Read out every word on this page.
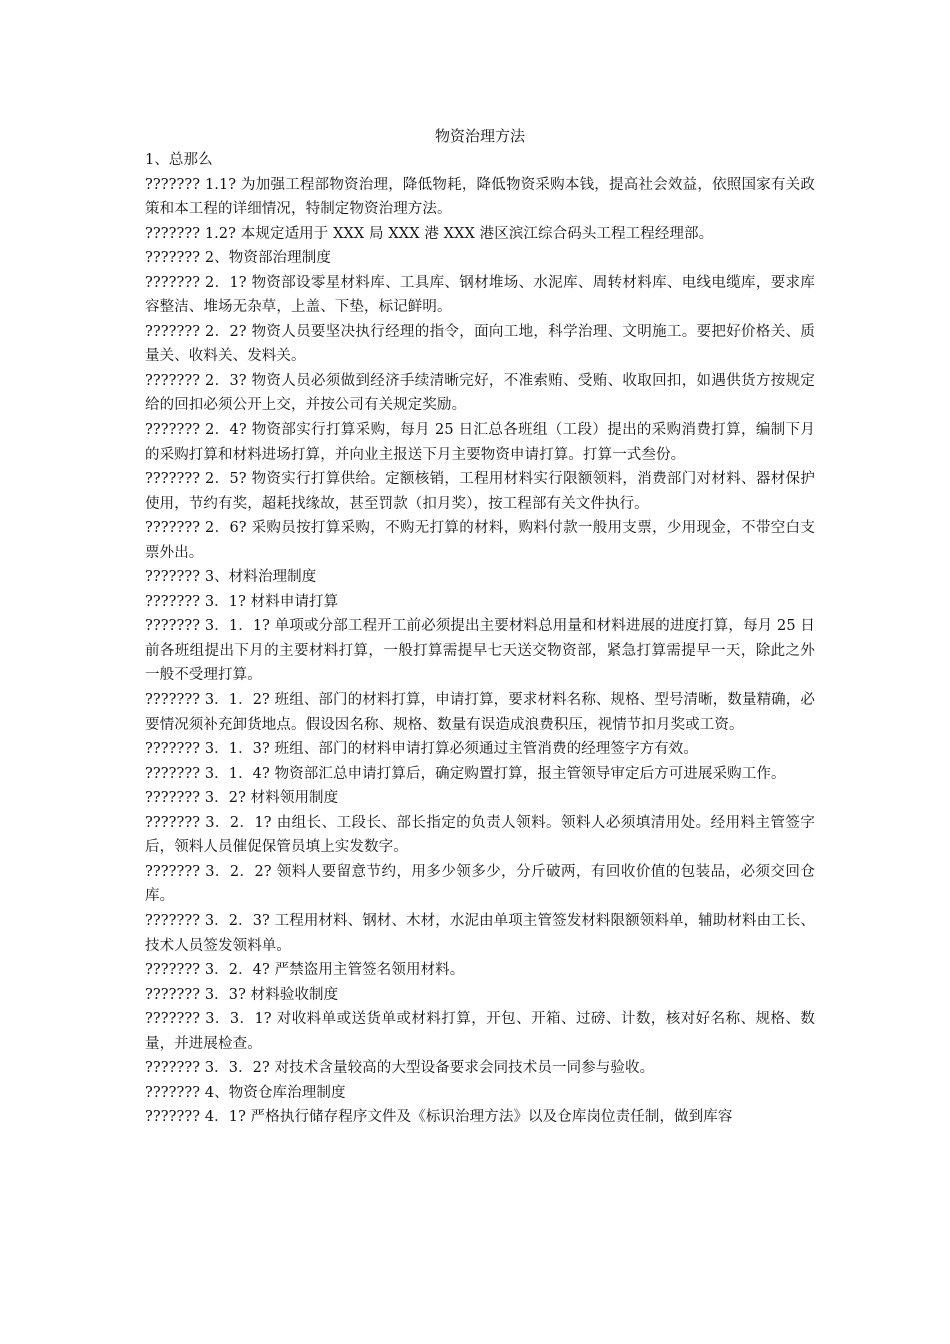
物资治理方法

1、总那么

??????? 1.1? 为加强工程部物资治理，降低物耗，降低物资采购本钱，提高社会效益，依照国家有关政策和本工程的详细情况，特制定物资治理方法。

??????? 1.2? 本规定适用于 XXX 局 XXX 港 XXX 港区滨江综合码头工程工程经理部。

??????? 2、物资部治理制度

??????? 2．1? 物资部设零星材料库、工具库、钢材堆场、水泥库、周转材料库、电线电缆库，要求库容整洁、堆场无杂草，上盖、下垫，标记鲜明。

??????? 2．2? 物资人员要坚决执行经理的指令，面向工地，科学治理、文明施工。要把好价格关、质量关、收料关、发料关。

??????? 2．3? 物资人员必须做到经济手续清晰完好，不准索贿、受贿、收取回扣，如遇供货方按规定给的回扣必须公开上交，并按公司有关规定奖励。

??????? 2．4? 物资部实行打算采购，每月 25 日汇总各班组（工段）提出的采购消费打算，编制下月的采购打算和材料进场打算，并向业主报送下月主要物资申请打算。打算一式叁份。

??????? 2．5? 物资实行打算供给。定额核销，工程用材料实行限额领料，消费部门对材料、器材保护使用，节约有奖，超耗找缘故，甚至罚款（扣月奖），按工程部有关文件执行。

??????? 2．6? 采购员按打算采购，不购无打算的材料，购料付款一般用支票，少用现金，不带空白支票外出。

??????? 3、材料治理制度

??????? 3．1? 材料申请打算

??????? 3．1．1? 单项或分部工程开工前必须提出主要材料总用量和材料进展的进度打算，每月 25 日前各班组提出下月的主要材料打算，一般打算需提早七天送交物资部，紧急打算需提早一天，除此之外一般不受理打算。

??????? 3．1．2? 班组、部门的材料打算，申请打算，要求材料名称、规格、型号清晰，数量精确，必要情况须补充卸货地点。假设因名称、规格、数量有误造成浪费积压，视情节扣月奖或工资。

??????? 3．1．3? 班组、部门的材料申请打算必须通过主管消费的经理签字方有效。

??????? 3．1．4? 物资部汇总申请打算后，确定购置打算，报主管领导审定后方可进展采购工作。

??????? 3．2? 材料领用制度

??????? 3．2．1? 由组长、工段长、部长指定的负责人领料。领料人必须填清用处。经用料主管签字后，领料人员催促保管员填上实发数字。

??????? 3．2．2? 领料人要留意节约，用多少领多少，分斤破两，有回收价值的包装品，必须交回仓库。

??????? 3．2．3? 工程用材料、钢材、木材，水泥由单项主管签发材料限额领料单，辅助材料由工长、技术人员签发领料单。

??????? 3．2．4? 严禁盗用主管签名领用材料。

??????? 3．3? 材料验收制度

??????? 3．3．1? 对收料单或送货单或材料打算，开包、开箱、过磅、计数，核对好名称、规格、数量，并进展检查。

??????? 3．3．2? 对技术含量较高的大型设备要求会同技术员一同参与验收。

??????? 4、物资仓库治理制度

??????? 4．1? 严格执行储存程序文件及《标识治理方法》以及仓库岗位责任制，做到库容
